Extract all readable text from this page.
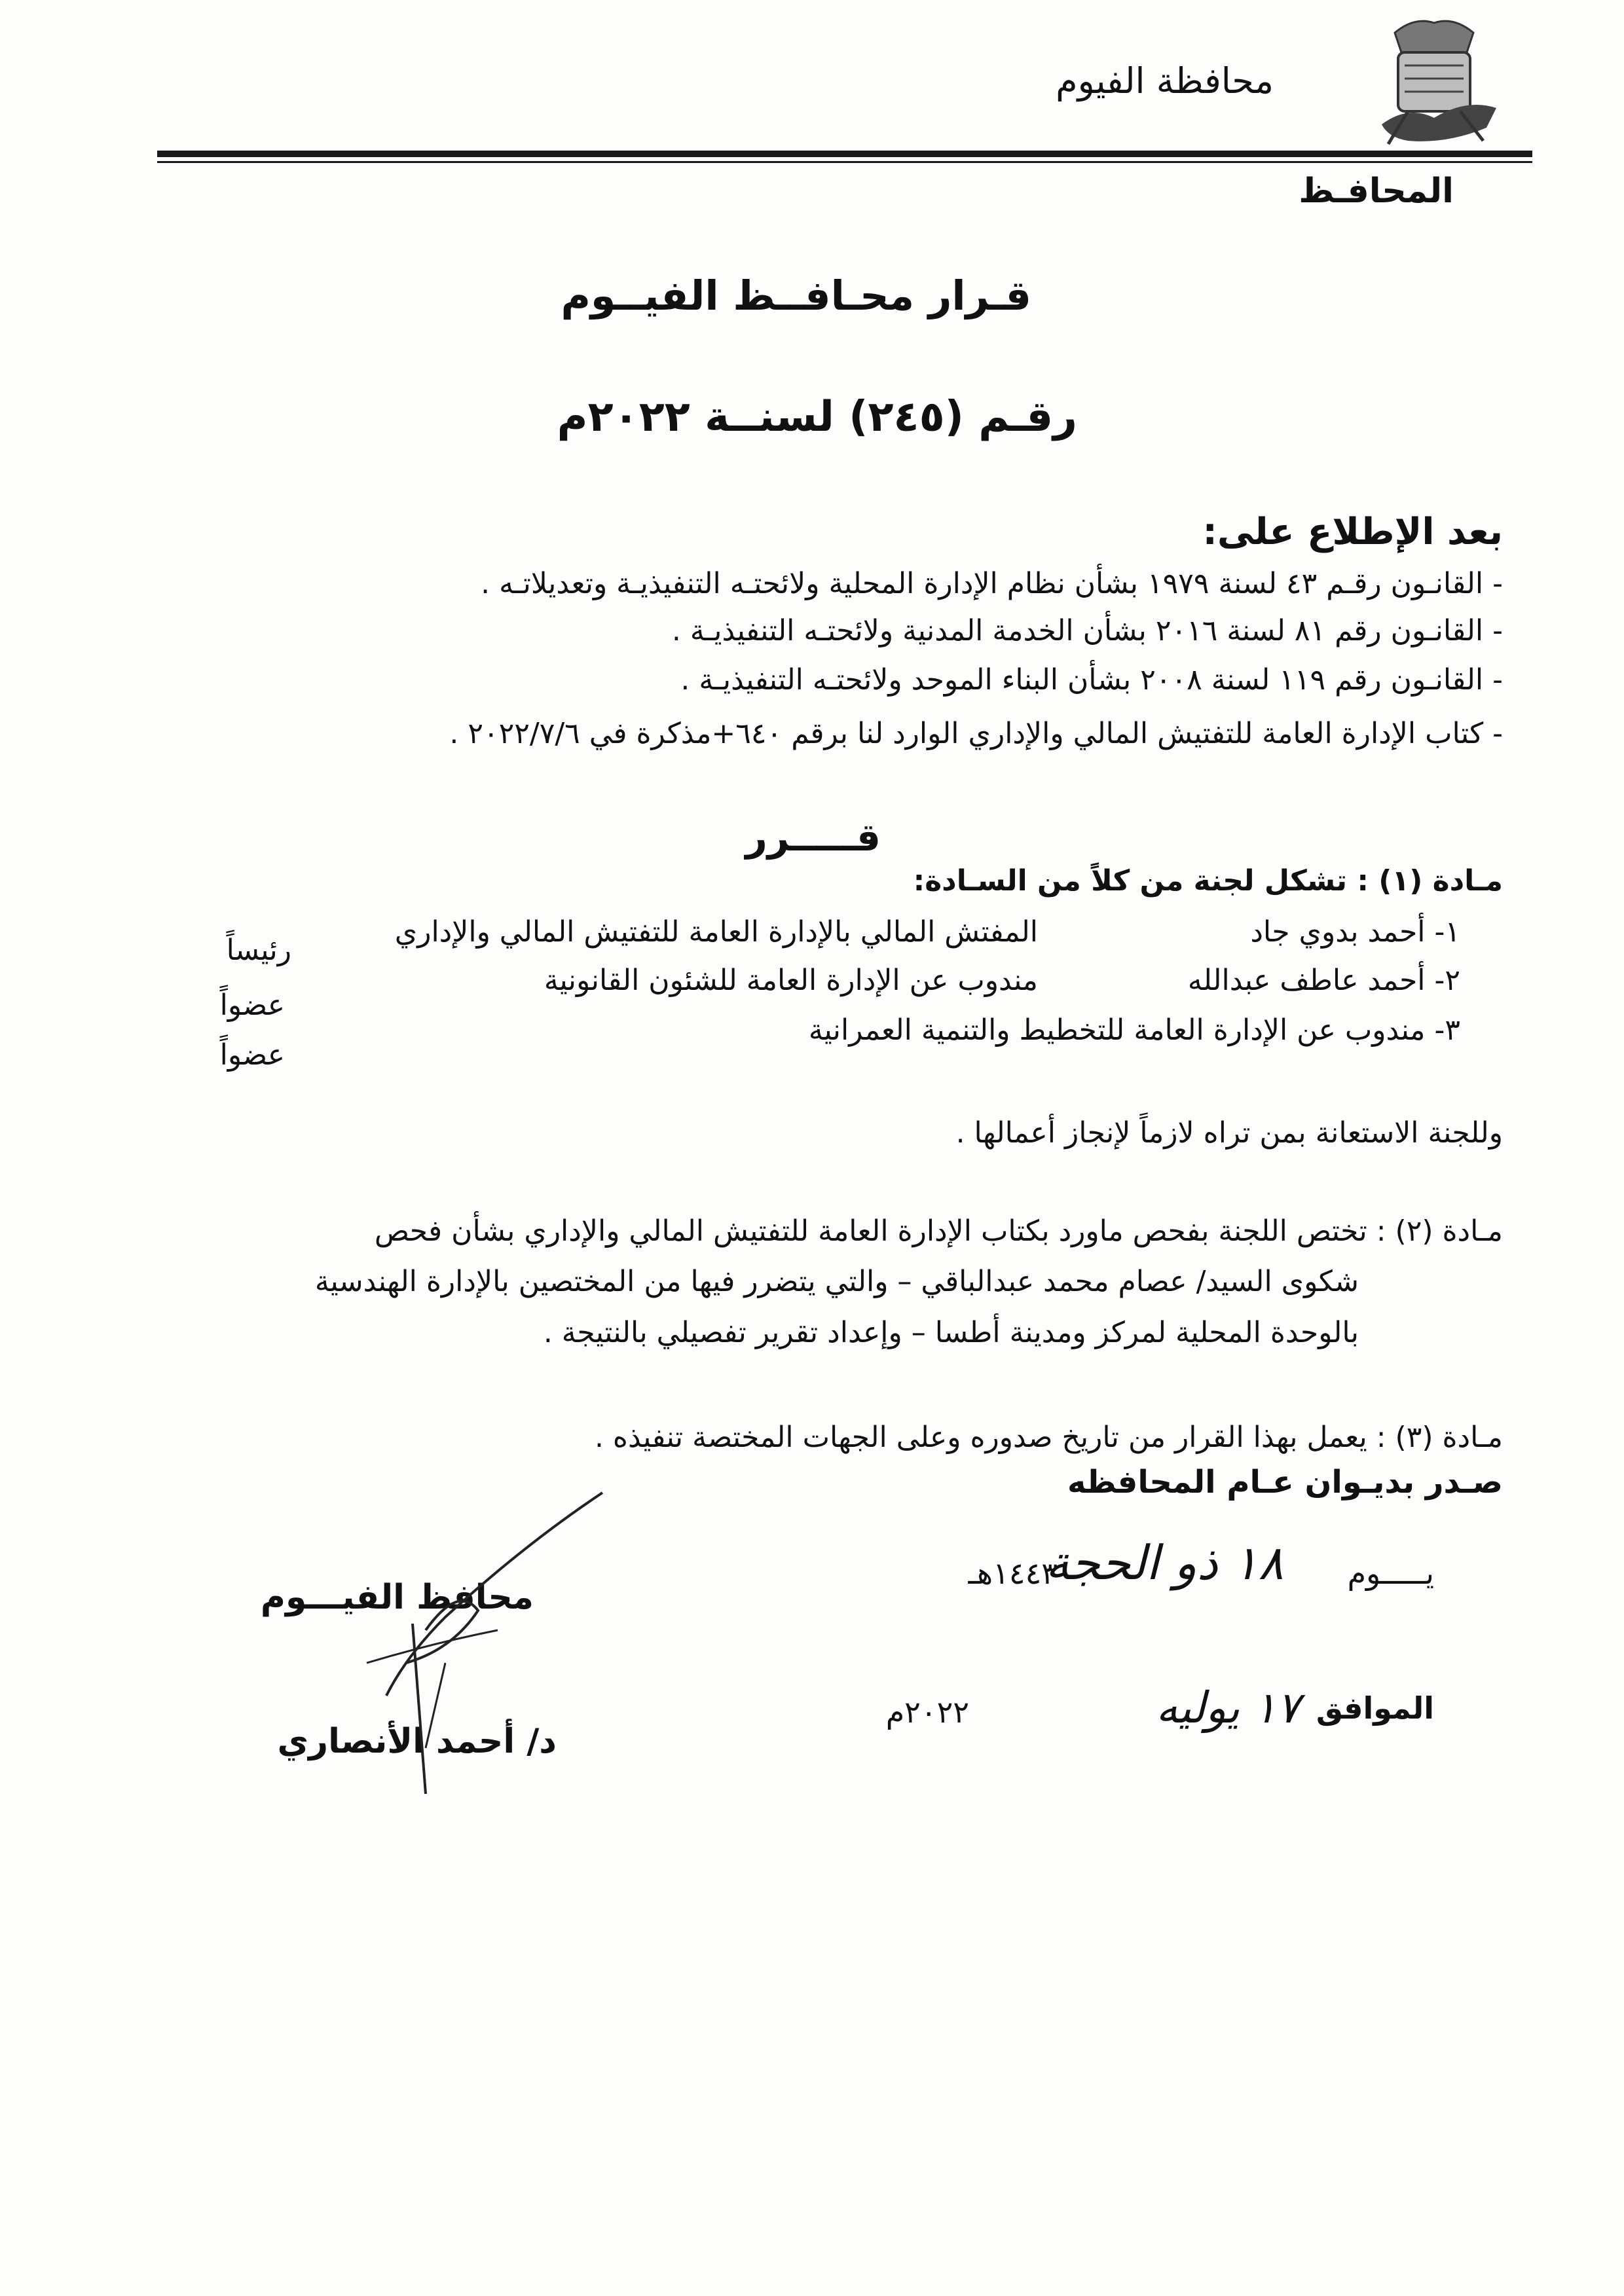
محافظة الفيوم
المحافـظ
قـرار محـافــظ الفيــوم
رقـم (٢٤٥) لسنــة ٢٠٢٢م
بعد الإطلاع على:
- القانـون رقـم ٤٣ لسنة ١٩٧٩ بشأن نظام الإدارة المحلية ولائحتـه التنفيذيـة وتعديلاتـه .
- القانـون رقم ٨١ لسنة ٢٠١٦ بشأن الخدمة المدنية ولائحتـه التنفيذيـة .
- القانـون رقم ١١٩ لسنة ٢٠٠٨ بشأن البناء الموحد ولائحتـه التنفيذيـة .
- كتاب الإدارة العامة للتفتيش المالي والإداري الوارد لنا برقم ٦٤٠+مذكرة في ٢٠٢٢/٧/٦ .
قـــــرر
مـادة (١) : تشكل لجنة من كلاً من السـادة:
١- أحمد بدوي جاد
المفتش المالي بالإدارة العامة للتفتيش المالي والإداري
رئيساً
٢- أحمد عاطف عبدالله
مندوب عن الإدارة العامة للشئون القانونية
عضواً
٣- مندوب عن الإدارة العامة للتخطيط والتنمية العمرانية
عضواً
وللجنة الاستعانة بمن تراه لازماً لإنجاز أعمالها .
مـادة (٢) : تختص اللجنة بفحص ماورد بكتاب الإدارة العامة للتفتيش المالي والإداري بشأن فحص
شكوى السيد/ عصام محمد عبدالباقي – والتي يتضرر فيها من المختصين بالإدارة الهندسية
بالوحدة المحلية لمركز ومدينة أطسا – وإعداد تقرير تفصيلي بالنتيجة .
مـادة (٣) : يعمل بهذا القرار من تاريخ صدوره وعلى الجهات المختصة تنفيذه .
صـدر بديـوان عـام المحافظه
يـــــوم
١٨ ذو الحجة
١٤٤٣هـ
الموافق
١٧ يوليه
٢٠٢٢م
محافظ الفيـــوم
د/ أحمد الأنصاري
